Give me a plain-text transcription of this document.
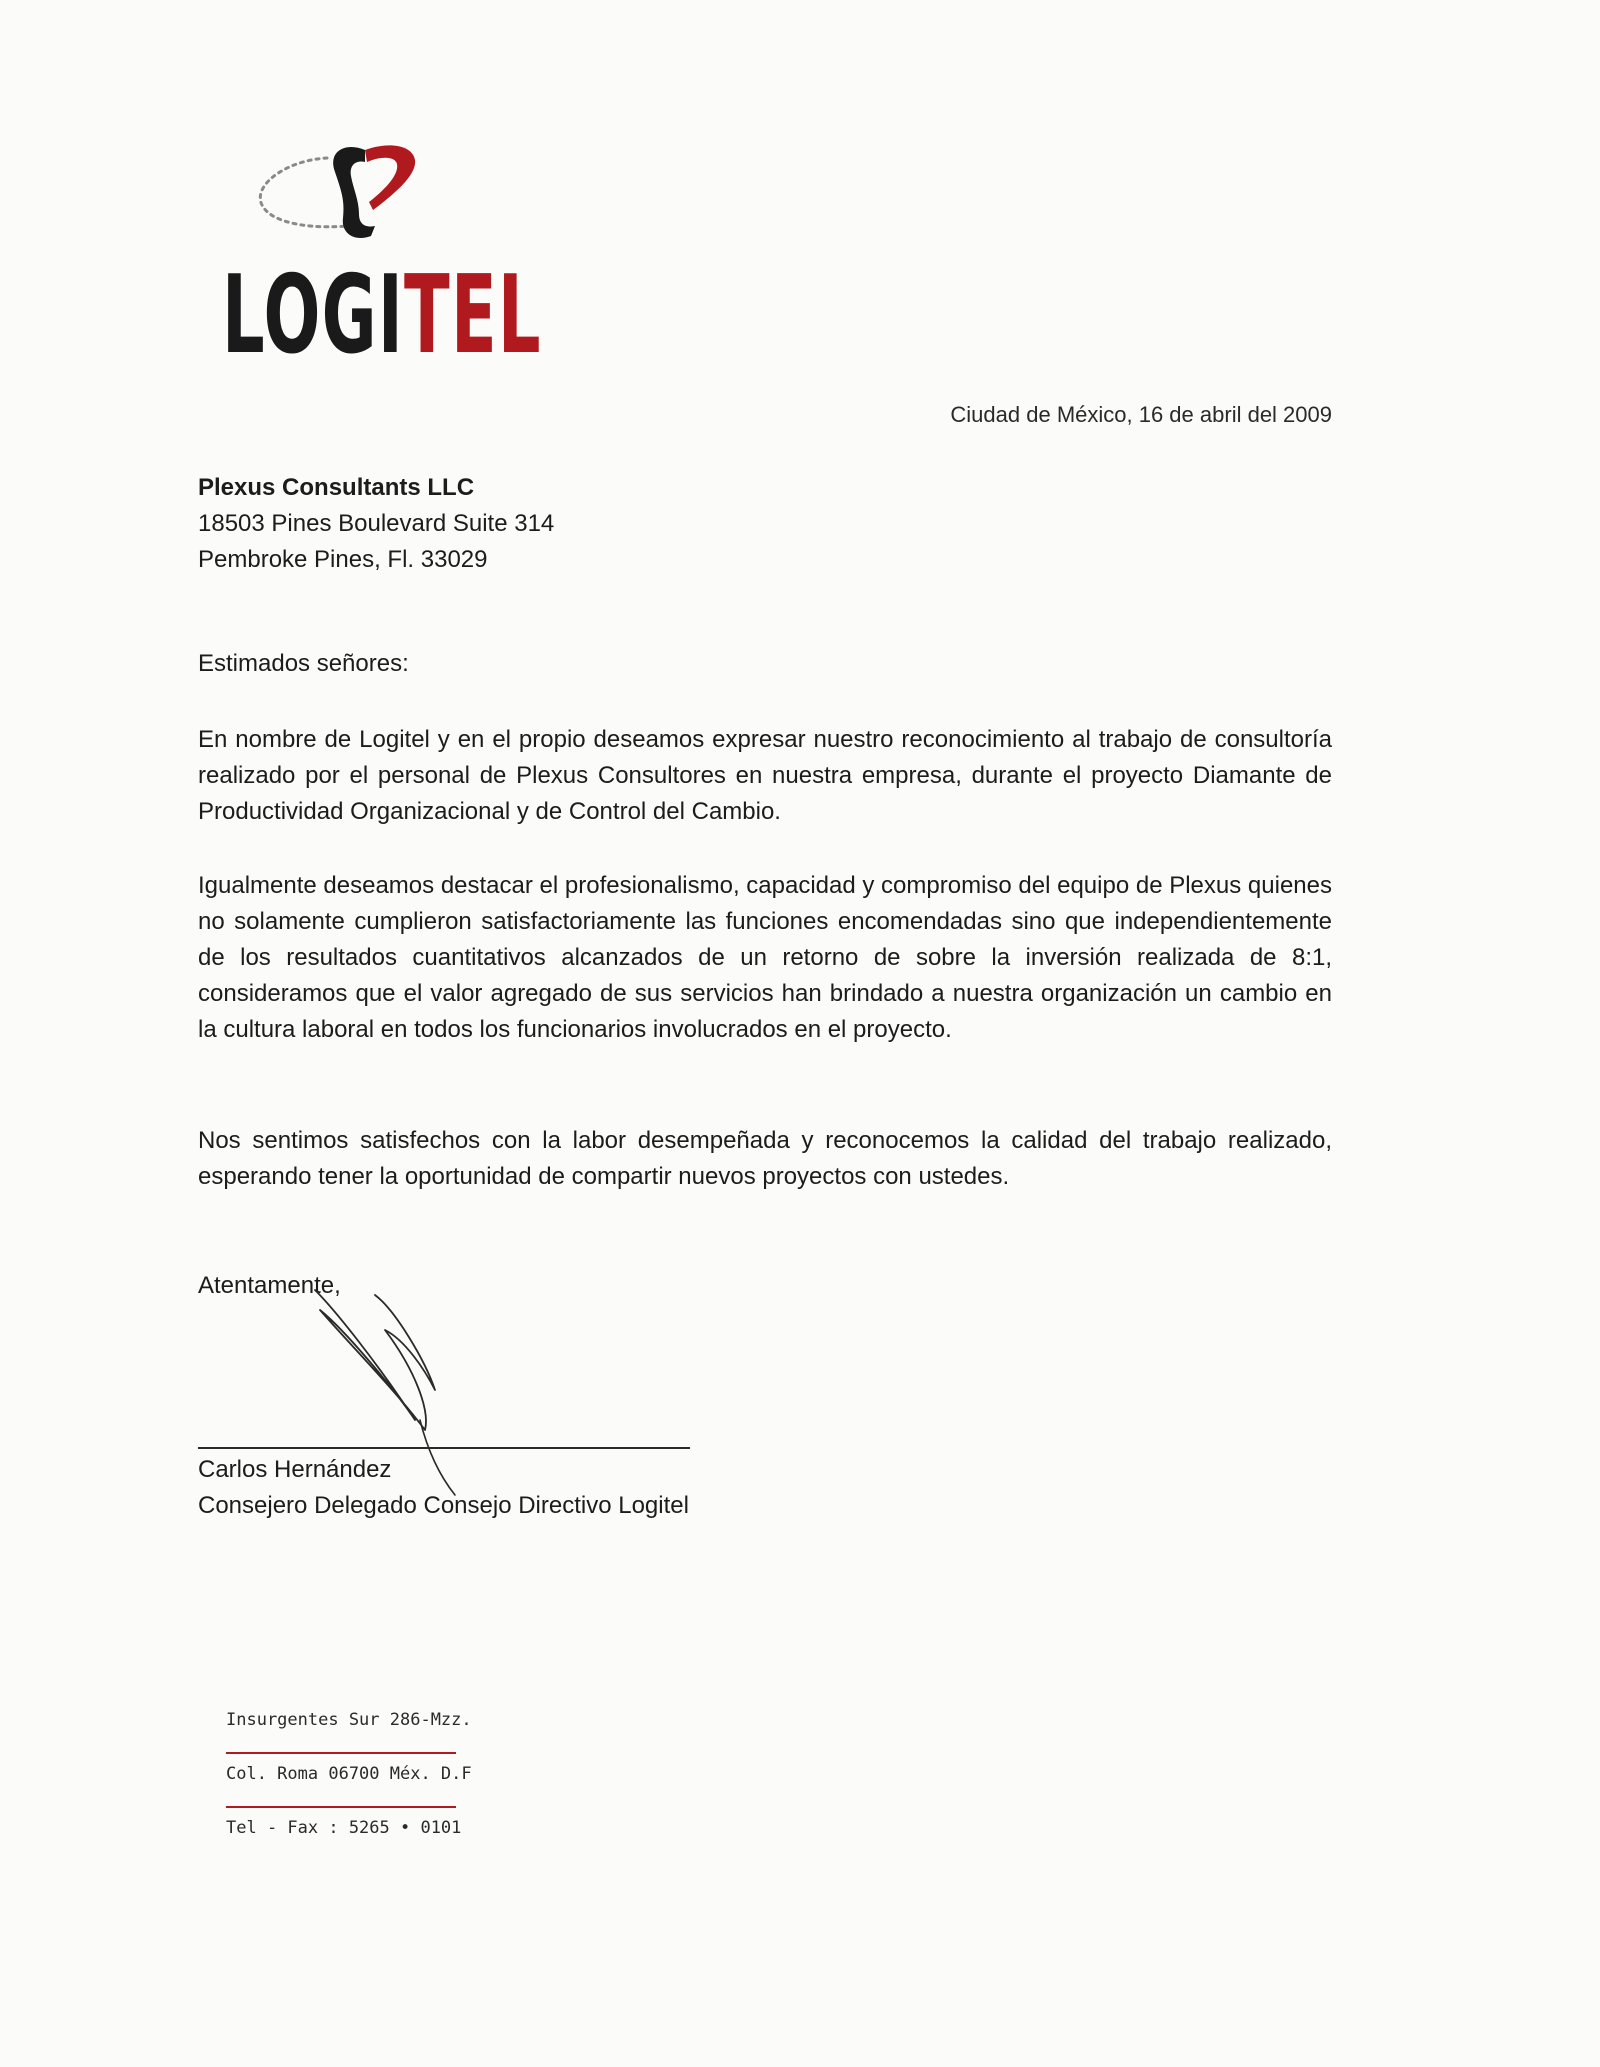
LOGITEL
Ciudad de México, 16 de abril del 2009
Plexus Consultants LLC
18503 Pines Boulevard Suite 314
Pembroke Pines, Fl. 33029
Estimados señores:

En nombre de Logitel y en el propio deseamos expresar nuestro reconocimiento al trabajo de consultoría realizado por el personal de Plexus Consultores en nuestra empresa, durante el proyecto Diamante de Productividad Organizacional y de Control del Cambio.

Igualmente deseamos destacar el profesionalismo, capacidad y compromiso del equipo de Plexus quienes no solamente cumplieron satisfactoriamente las funciones encomendadas sino que independientemente de los resultados cuantitativos alcanzados de un retorno de sobre la inversión realizada de 8:1, consideramos que el valor agregado de sus servicios han brindado a nuestra organización un cambio en la cultura laboral en todos los funcionarios involucrados en el proyecto.

Nos sentimos satisfechos con la labor desempeñada y reconocemos la calidad del trabajo realizado, esperando tener la oportunidad de compartir nuevos proyectos con ustedes.

Atentamente,
Carlos Hernández
Consejero Delegado Consejo Directivo Logitel
Insurgentes Sur 286-Mzz.
Col. Roma 06700 Méx. D.F
Tel - Fax : 5265 • 0101
